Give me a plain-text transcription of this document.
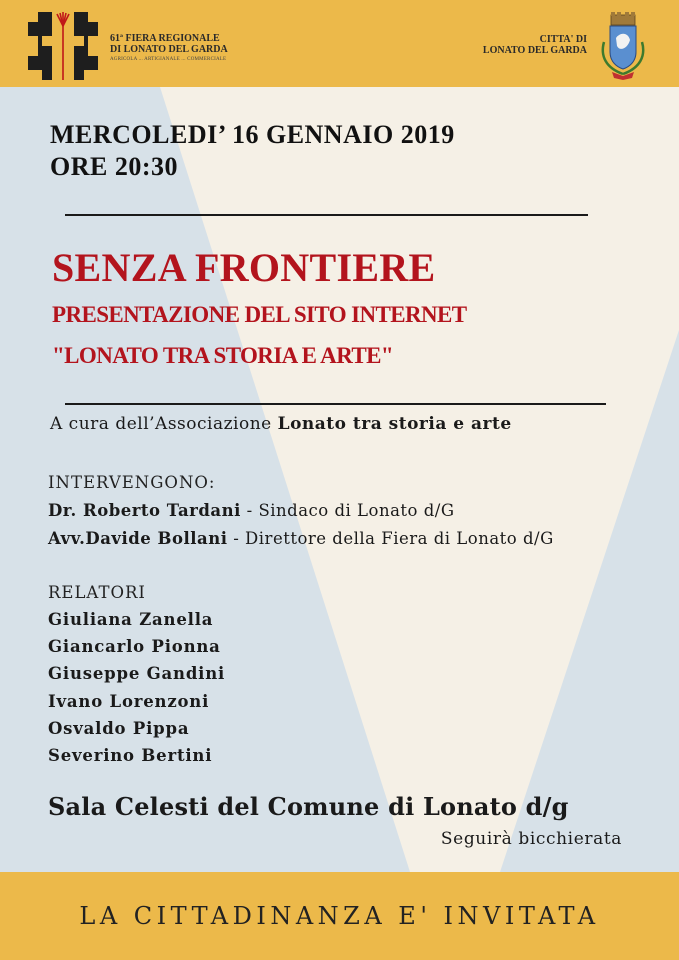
61ª FIERA REGIONALE
DI LONATO DEL GARDA
AGRICOLA ... ARTIGIANALE ... COMMERCIALE
CITTA' DI
LONATO DEL GARDA
MERCOLEDI’ 16 GENNAIO 2019
ORE 20:30
SENZA FRONTIERE
PRESENTAZIONE DEL SITO INTERNET
"LONATO TRA STORIA E ARTE"
A cura dell’Associazione Lonato tra storia e arte
INTERVENGONO:
Dr. Roberto Tardani - Sindaco di Lonato d/G
Avv.Davide Bollani - Direttore della Fiera di Lonato d/G
RELATORI
Giuliana Zanella
Giancarlo Pionna
Giuseppe Gandini
Ivano Lorenzoni
Osvaldo Pippa
Severino Bertini
Sala Celesti del Comune di Lonato d/g
Seguirà bicchierata
LA CITTADINANZA E' INVITATA
